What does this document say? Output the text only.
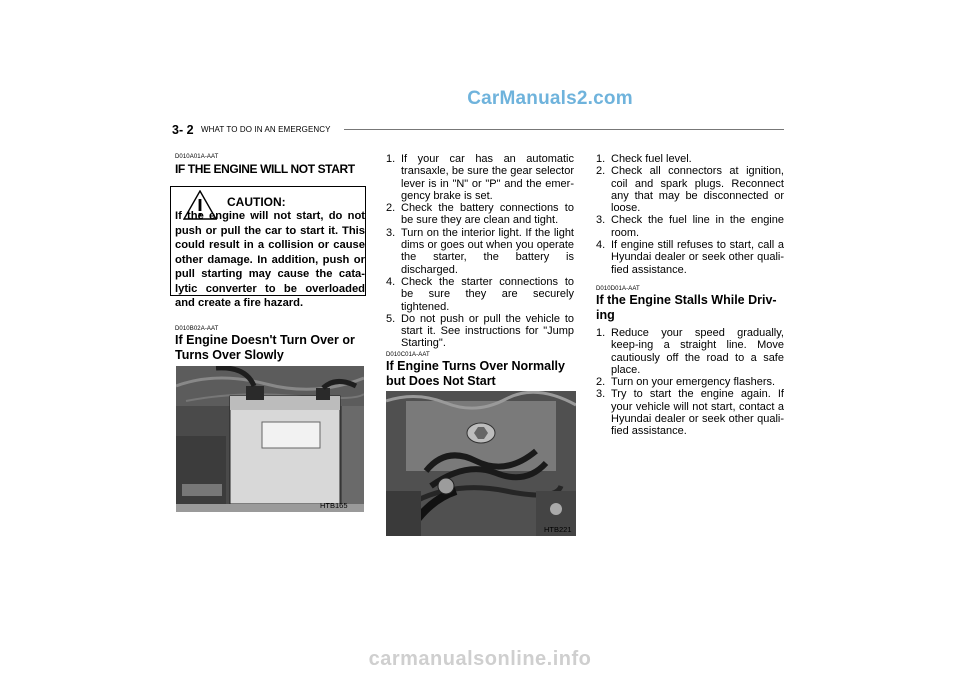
CarManuals2.com
3- 2 WHAT TO DO IN AN EMERGENCY
D010A01A-AAT
IF THE ENGINE WILL NOT START
CAUTION:
If the engine will not start, do not push or pull the car to start it. This could result in a collision or cause other damage. In addition, push or pull starting may cause the cata-lytic converter to be overloaded and create a fire hazard.
D010B02A-AAT
If Engine Doesn't Turn Over or Turns Over Slowly
HTB165
1. If your car has an automatic transaxle, be sure the gear selector lever is in "N" or "P" and the emer-gency brake is set.
2. Check the battery connections to be sure they are clean and tight.
3. Turn on the interior light. If the light dims or goes out when you operate the starter, the battery is discharged.
4. Check the starter connections to be sure they are securely tightened.
5. Do not push or pull the vehicle to start it. See instructions for "Jump Starting".
D010C01A-AAT
If Engine Turns Over Normally but Does Not Start
HTB221
1. Check fuel level.
2. Check all connectors at ignition, coil and spark plugs. Reconnect any that may be disconnected or loose.
3. Check the fuel line in the engine room.
4. If engine still refuses to start, call a Hyundai dealer or seek other quali-fied assistance.
D010D01A-AAT
If the Engine Stalls While Driv-ing
1. Reduce your speed gradually, keep-ing a straight line. Move cautiously off the road to a safe place.
2. Turn on your emergency flashers.
3. Try to start the engine again. If your vehicle will not start, contact a Hyundai dealer or seek other quali-fied assistance.
carmanualsonline.info
